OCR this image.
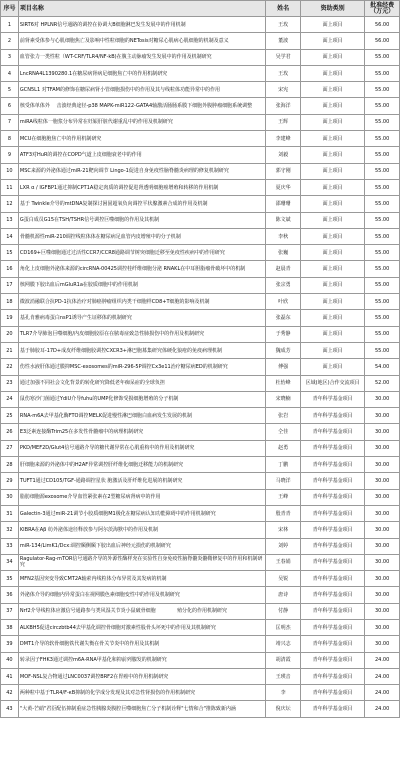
序号	项目名称	姓名	资助类别	批准经费
（万元）
1	SIRT6对 HPLNR信号通路的调控在协调大B细胞淋巴发生发展中的作用机制	王玫	面上项目	56.00
2	前肾素受体参与心肌细胞焦亡及影响中性粒细胞的NETosis对糖尿心肌病心肌细胞的机制及意义	董波	面上项目	56.00
3	血管张力一类性粒（WT-CRF/TLR4/NF-kB)在腹主动脉瘤发生发展中的作用及机制研究	吴学君	面上项目	55.00
4	LncRNA4L1390280.1在糖尿病肾病足细胞焦亡中的作用机制研究	王玫	面上项目	55.00
5	GCN5L1 对TFAM的修饰在糖尿病肾小管细胞损伤中的作用及其与线粒体功能异常中的作用	宋宪	面上项目	55.00
6	核受体单体外 　击波经典途径-p38 MAPK-miR122-GATA4轴激活肠肠系膜下细胞外腹肿瘤细胞系统调整	张海洋	面上项目	55.00
7	miRA线粒体一胞浆分布异常在妊娠肝脏代谢重乱中的作用及机制研究	王辉	面上项目	55.00
8	MCU在细胞胞焦亡中的作用机制研究	李建峰	面上项目	55.00
9	ATF3对HuR的调控在COPD气道上皮细胞衰老中的作用	刘毅	面上项目	55.00
10	MSC来源的外泌体通过miR-21靶向调节 Lingo-1促进自身免疫性脑脊髓炎病理的修复机制研究	郭守刚	面上项目	55.00
11	LXR α / IGFBP1通过抑制CPT1A稳定肉质的调控促进肾透明细胞癌增殖和转移的作用机制	夏庆华	面上项目	55.00
12	基于 Twinkle介导的mtDNA复制探讨困固超氧负向调控平状腺激素合成的作用及机制	邵珊珊	面上项目	55.00
13	G蛋白成员G15在TSH/TSHR信号调控巨噬细胞的作用及其机制	陈文斌	面上项目	55.00
14	骨髓机源性miR-210调控线粒体体在糖尿病足血管内皮增殖中的分子机制	李秋	面上项目	55.00
15	CD169+巨噬细胞通过过活性CCR7/CCR8通路调节树突细胞迁移至免疫性疾病中的作用研究	张巍	面上项目	55.00
16	角化上皮细胞外泌体来源的circRNA-00425调控桂纤维细胞分泌 RNAKL在中耳胆脂瘤骨破坏中的机制	赵晨青	面上项目	55.00
17	核网膜下胶出血后mGluR1a在胶质细胞中的作用机制	张宗勇	面上项目	55.00
18	微波消融联合抗PD-1抗体治疗对肺癌肿瘤组织内类干细胞样CD8+T细胞的影响及机制	叶欣	面上项目	55.00
19	基孔肯雅病毒蛋白nsP1诱导产生证移体的机制研究	张磊东	面上项目	55.00
20	TLR7介导肺泡巨噬细胞/内皮细胞胶原在在脓毒症致急性肺损伤中的作用及机制研究	于秀静	面上项目	55.00
21	基于肺胶耳-17D+成皮纤维细胞胶调控CXCR3+淋巴胞募集研究体硬化狼疮的免疫病理机制	魏成芳	面上项目	55.00
22	伤性水液肝体通过膜抑MSC-exosomes的miR-296-5P调控Cx3e11治疗糖尿病ED的机制研究	傅强	面上项目	54.00
23	通过加强不同社会文化背景的转化研究降低老年痴呆症的全球负担	杜怡峰	区域(地区)合作交流项目	52.00
24	鼠伤寒沙门菌通过YdiU介导fuhu的UMP化修饰受损细胞增殖的分子机制	宋晓楠	青年科学基金项目	30.00
25	RNA-m6A去甲基化酶FTO调控MELK促进慢性淋巴细胞白血病发生发展的机制	张岩	青年科学基金项目	30.00
26	E3泛素连接酶Trim25在多发性骨髓瘤中的病理机制研究	仝佳	青年科学基金项目	30.00
27	PKD/MEF2D/Glut4信号通路介导的糖代谢异常在心肌重构中的作用及机制研究	赵勇	青年科学基金项目	30.00
28	肝细胞来源的外泌体中的H2AF异常调控肝纤维化细胞迁移能力的机制研究	丁鹏	青年科学基金项目	30.00
29	TUFT1通过CD105/TGF-通路调控星状 胞激活及肝纤维化进展的机制研究	马晓洋	青年科学基金项目	30.00
30	脂肪细胞源exosome介导血管紧张素在2型糖尿病肾病中的作用	王峰	青年科学基金项目	30.00
31	Galectin-3通过miR-21调节小胶质细胞M1极化在糖尿病认知功能障碍中的作用机制研究	殷青青	青年科学基金项目	30.00
32	KIBRA在Aβ 纺外泌体途径释放参与阿尔茨海默中的作用及机制	宋林	青年科学基金项目	30.00
33	miR-134/LimK1/Dcx:调控颞侧颞下胶出血后神经元损伤的机制研究	刘婷	青年科学基金项目	30.00
34	Ragulator-Rag-mTOR信号通路介导的外源性酶样充在实验性自身免疫性脑脊髓炎髓鞘修复中的作用和机制研究	王春娟	青年科学基金项目	30.00
35	MFN2基因突变导致CMT2A轴索内线粒体分布异常及其发病的机制	吴锐	青年科学基金项目	30.00
36	外泌体介导的细胞内异常蛋白在视网膜色素细胞变性中的作用及机制研究	唐诗	青年科学基金项目	30.00
37	Nrf2介导线粒体应激信号通路参与类风湿关节炎小鼠破骨细胞 　 　 　 殖分化的作用机制研究	付静	青年科学基金项目	30.00
38	ALKBH5促进circzbtb44去甲基化调控骨细胞对激素性股骨头坏死中的作用及其机制研究	匡明杰	青年科学基金项目	30.00
39	DMT1介导的软骨细胞铁代谢失衡在骨关节炎中的作用及其机制	靖兴志	青年科学基金项目	30.00
40	转录因子FHK3通过调控m6A-RNA甲基化和抑前列腺发的机制研究	胡清霞	青年科学基金项目	24.00
41	MOF-NSL复合物通过LNC0037调控BRF2在胃癌中的作用机制研究	王瑛音	青年科学基金项目	24.00
42	两种粒中基于TLR4/F-κB抑制的化学成分发现及其对急性肾损伤的作用机制研究	李	青年科学基金项目	24.00
43	"大黄-芒硝"君臣配伍抑制重症急性胰腺炎腹腔巨噬细胞焦亡分子机制诠释"七情和合"推陈致新内涵	倪庆坛	青年科学基金项目	24.00
